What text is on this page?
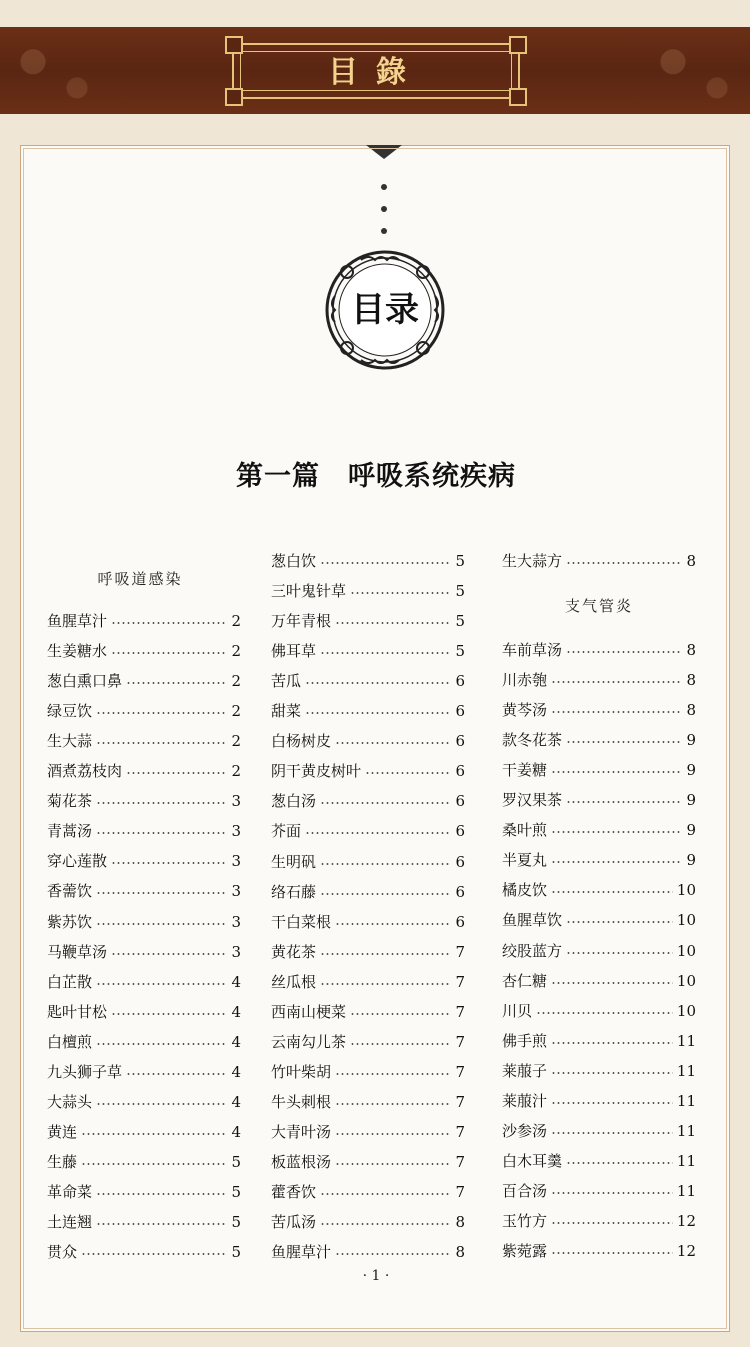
目錄
目录
第一篇　呼吸系统疾病
呼吸道感染
鱼腥草汁	2
生姜糖水	2
葱白熏口鼻	2
绿豆饮	2
生大蒜	2
酒煮荔枝肉	2
菊花茶	3
青蒿汤	3
穿心莲散	3
香薷饮	3
紫苏饮	3
马鞭草汤	3
白芷散	4
匙叶甘松	4
白檀煎	4
九头狮子草	4
大蒜头	4
黄连	4
生藤	5
革命菜	5
土连翘	5
贯众	5
葱白饮	5
三叶鬼针草	5
万年青根	5
佛耳草	5
苦瓜	6
甜菜	6
白杨树皮	6
阴干黄皮树叶	6
葱白汤	6
芥面	6
生明矾	6
络石藤	6
干白菜根	6
黄花茶	7
丝瓜根	7
西南山梗菜	7
云南勾儿茶	7
竹叶柴胡	7
牛头刺根	7
大青叶汤	7
板蓝根汤	7
藿香饮	7
苦瓜汤	8
鱼腥草汁	8
生大蒜方	8
支气管炎
车前草汤	8
川赤匏	8
黄芩汤	8
款冬花茶	9
干姜糖	9
罗汉果茶	9
桑叶煎	9
半夏丸	9
橘皮饮	10
鱼腥草饮	10
绞股蓝方	10
杏仁糖	10
川贝	10
佛手煎	11
莱菔子	11
莱菔汁	11
沙参汤	11
白木耳羹	11
百合汤	11
玉竹方	12
紫菀露	12
· 1 ·
